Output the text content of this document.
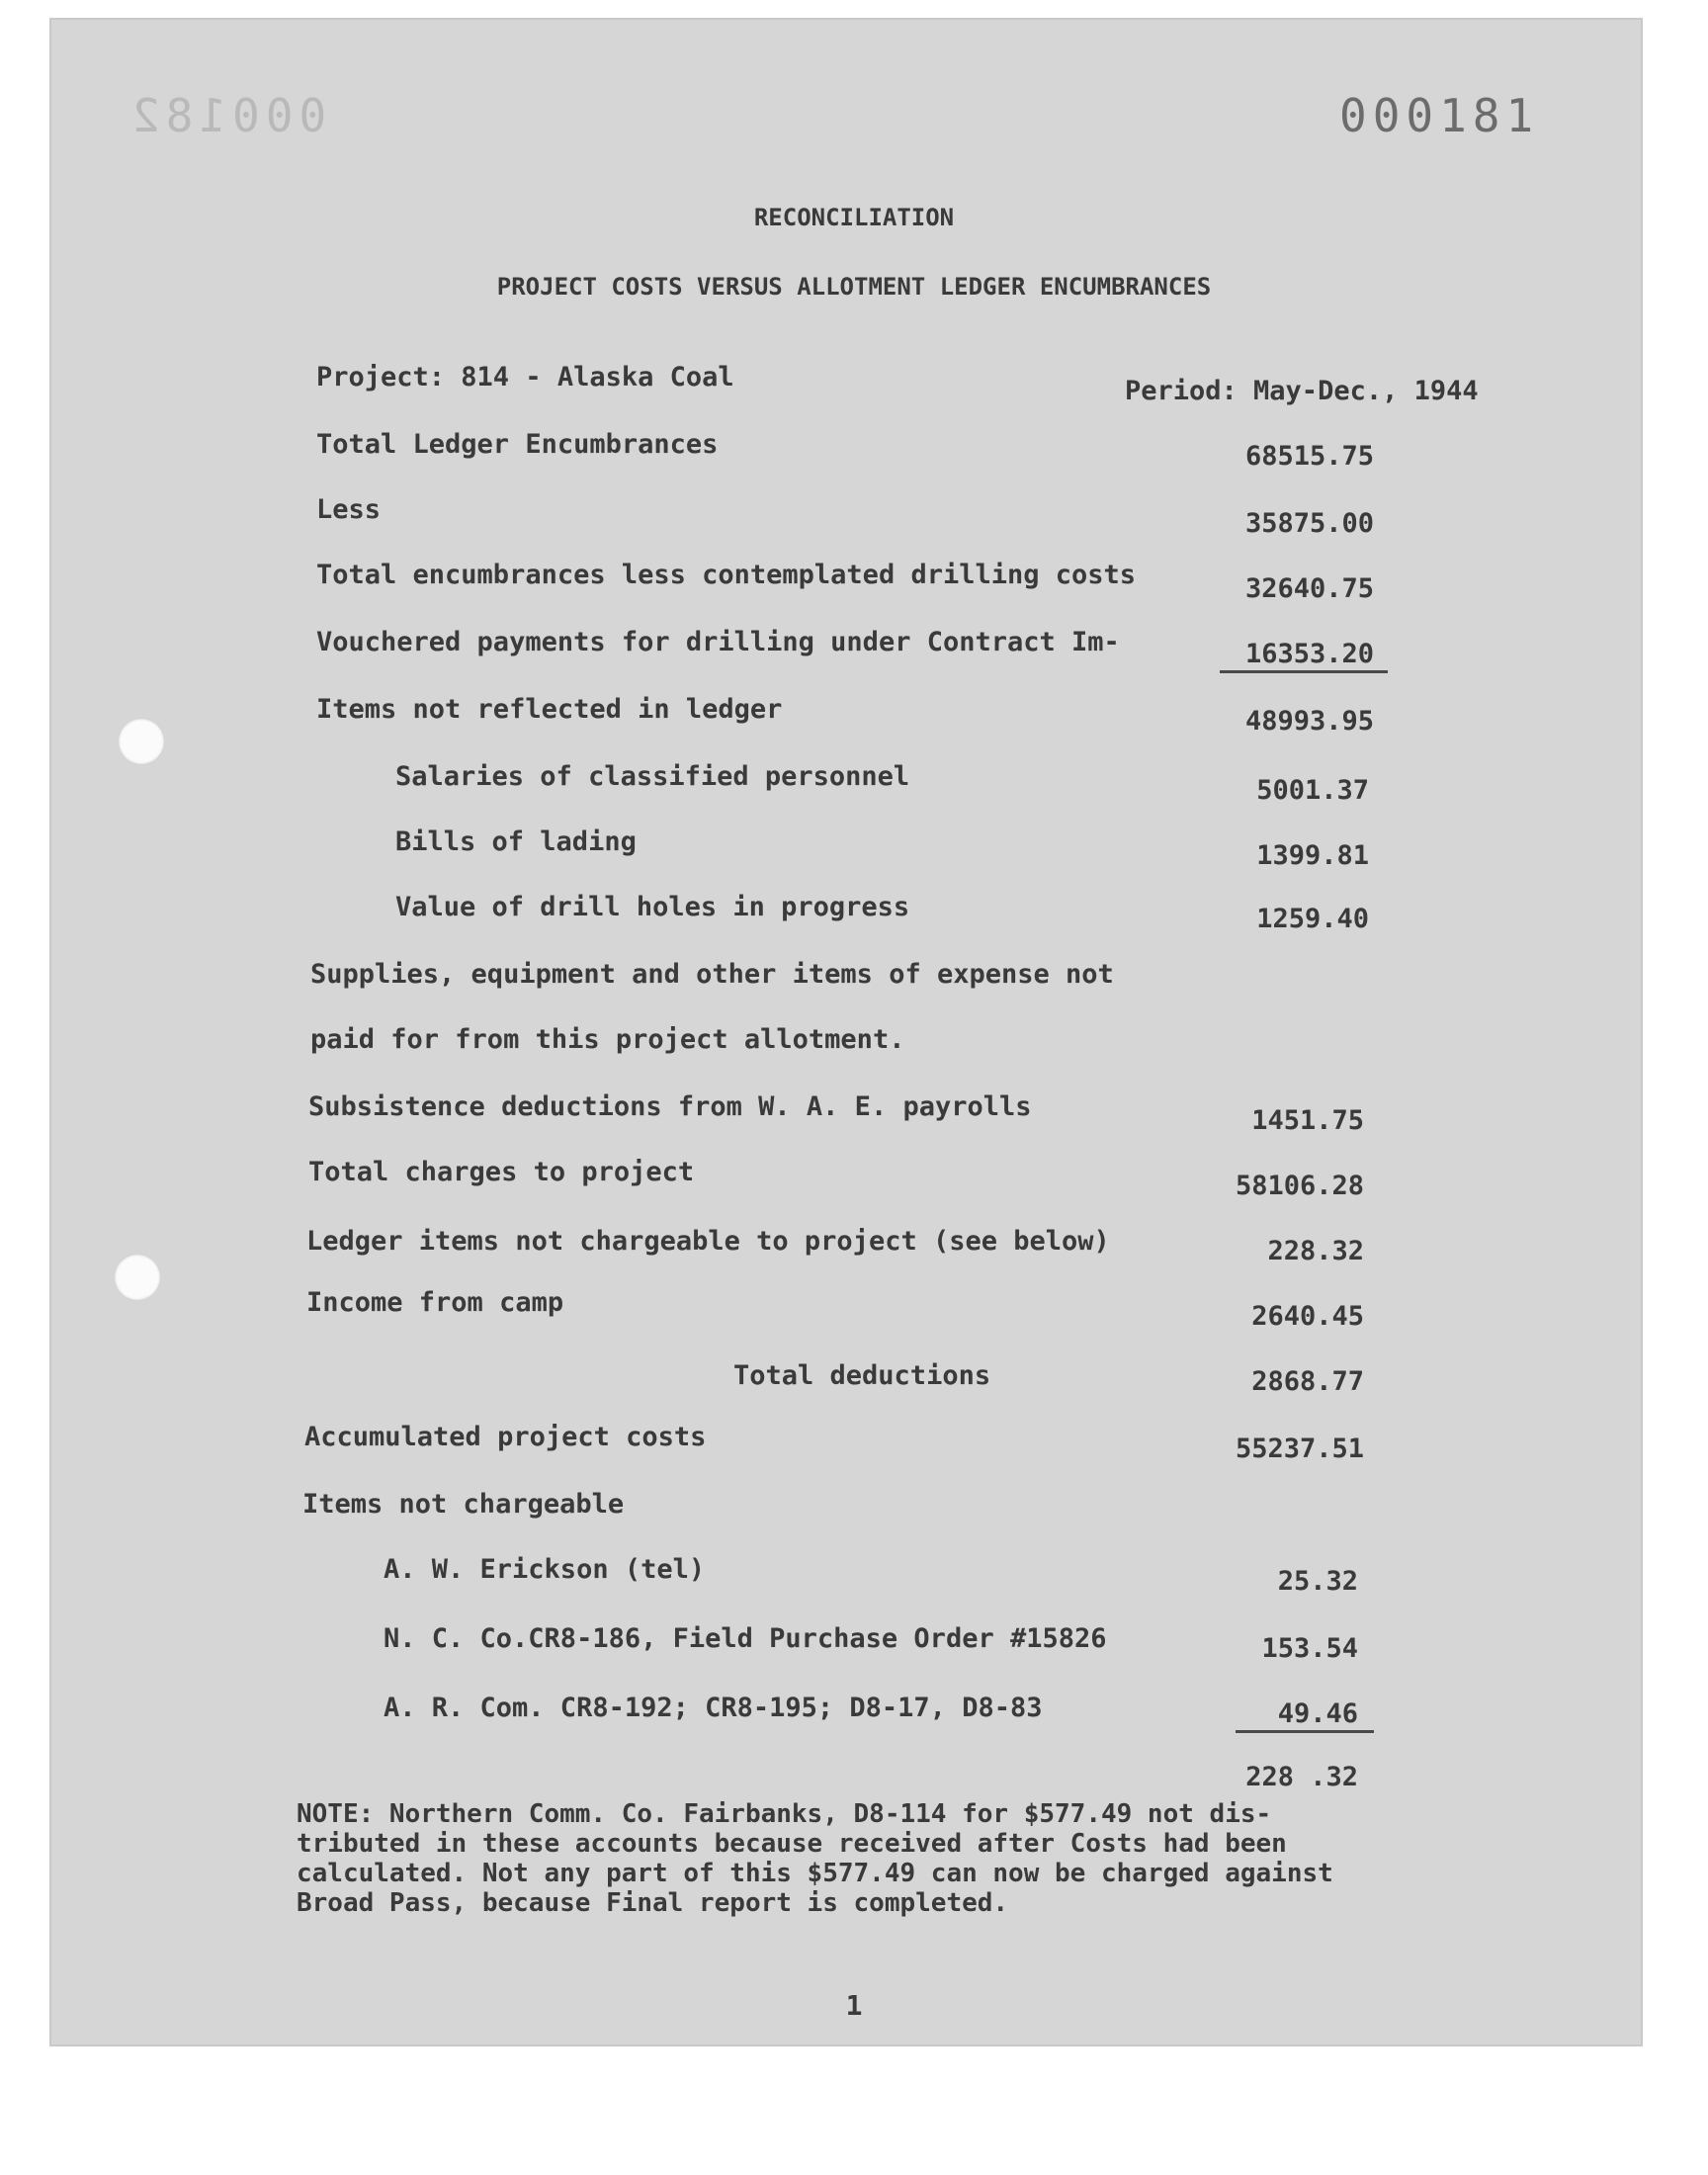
000182	000181
RECONCILIATION
PROJECT COSTS VERSUS ALLOTMENT LEDGER ENCUMBRANCES
Project: 814 - Alaska Coal	Period: May-Dec., 1944
Total Ledger Encumbrances	68515.75
Less	35875.00
Total encumbrances less contemplated drilling costs	32640.75
Vouchered payments for drilling under Contract Im-	16353.20
Items not reflected in ledger	48993.95
Salaries of classified personnel	5001.37
Bills of lading	1399.81
Value of drill holes in progress	1259.40
Supplies, equipment and other items of expense not
paid for from this project allotment.
Subsistence deductions from W. A. E. payrolls	1451.75
Total charges to project	58106.28
Ledger items not chargeable to project (see below)	228.32
Income from camp	2640.45
Total deductions	2868.77
Accumulated project costs	55237.51
Items not chargeable
A. W. Erickson (tel)	25.32
N. C. Co.CR8-186, Field Purchase Order #15826	153.54
A. R. Com. CR8-192; CR8-195; D8-17, D8-83	49.46
228 .32
NOTE: Northern Comm. Co. Fairbanks, D8-114 for $577.49 not dis-
tributed in these accounts because received after Costs had been
calculated. Not any part of this $577.49 can now be charged against
Broad Pass, because Final report is completed.
1
